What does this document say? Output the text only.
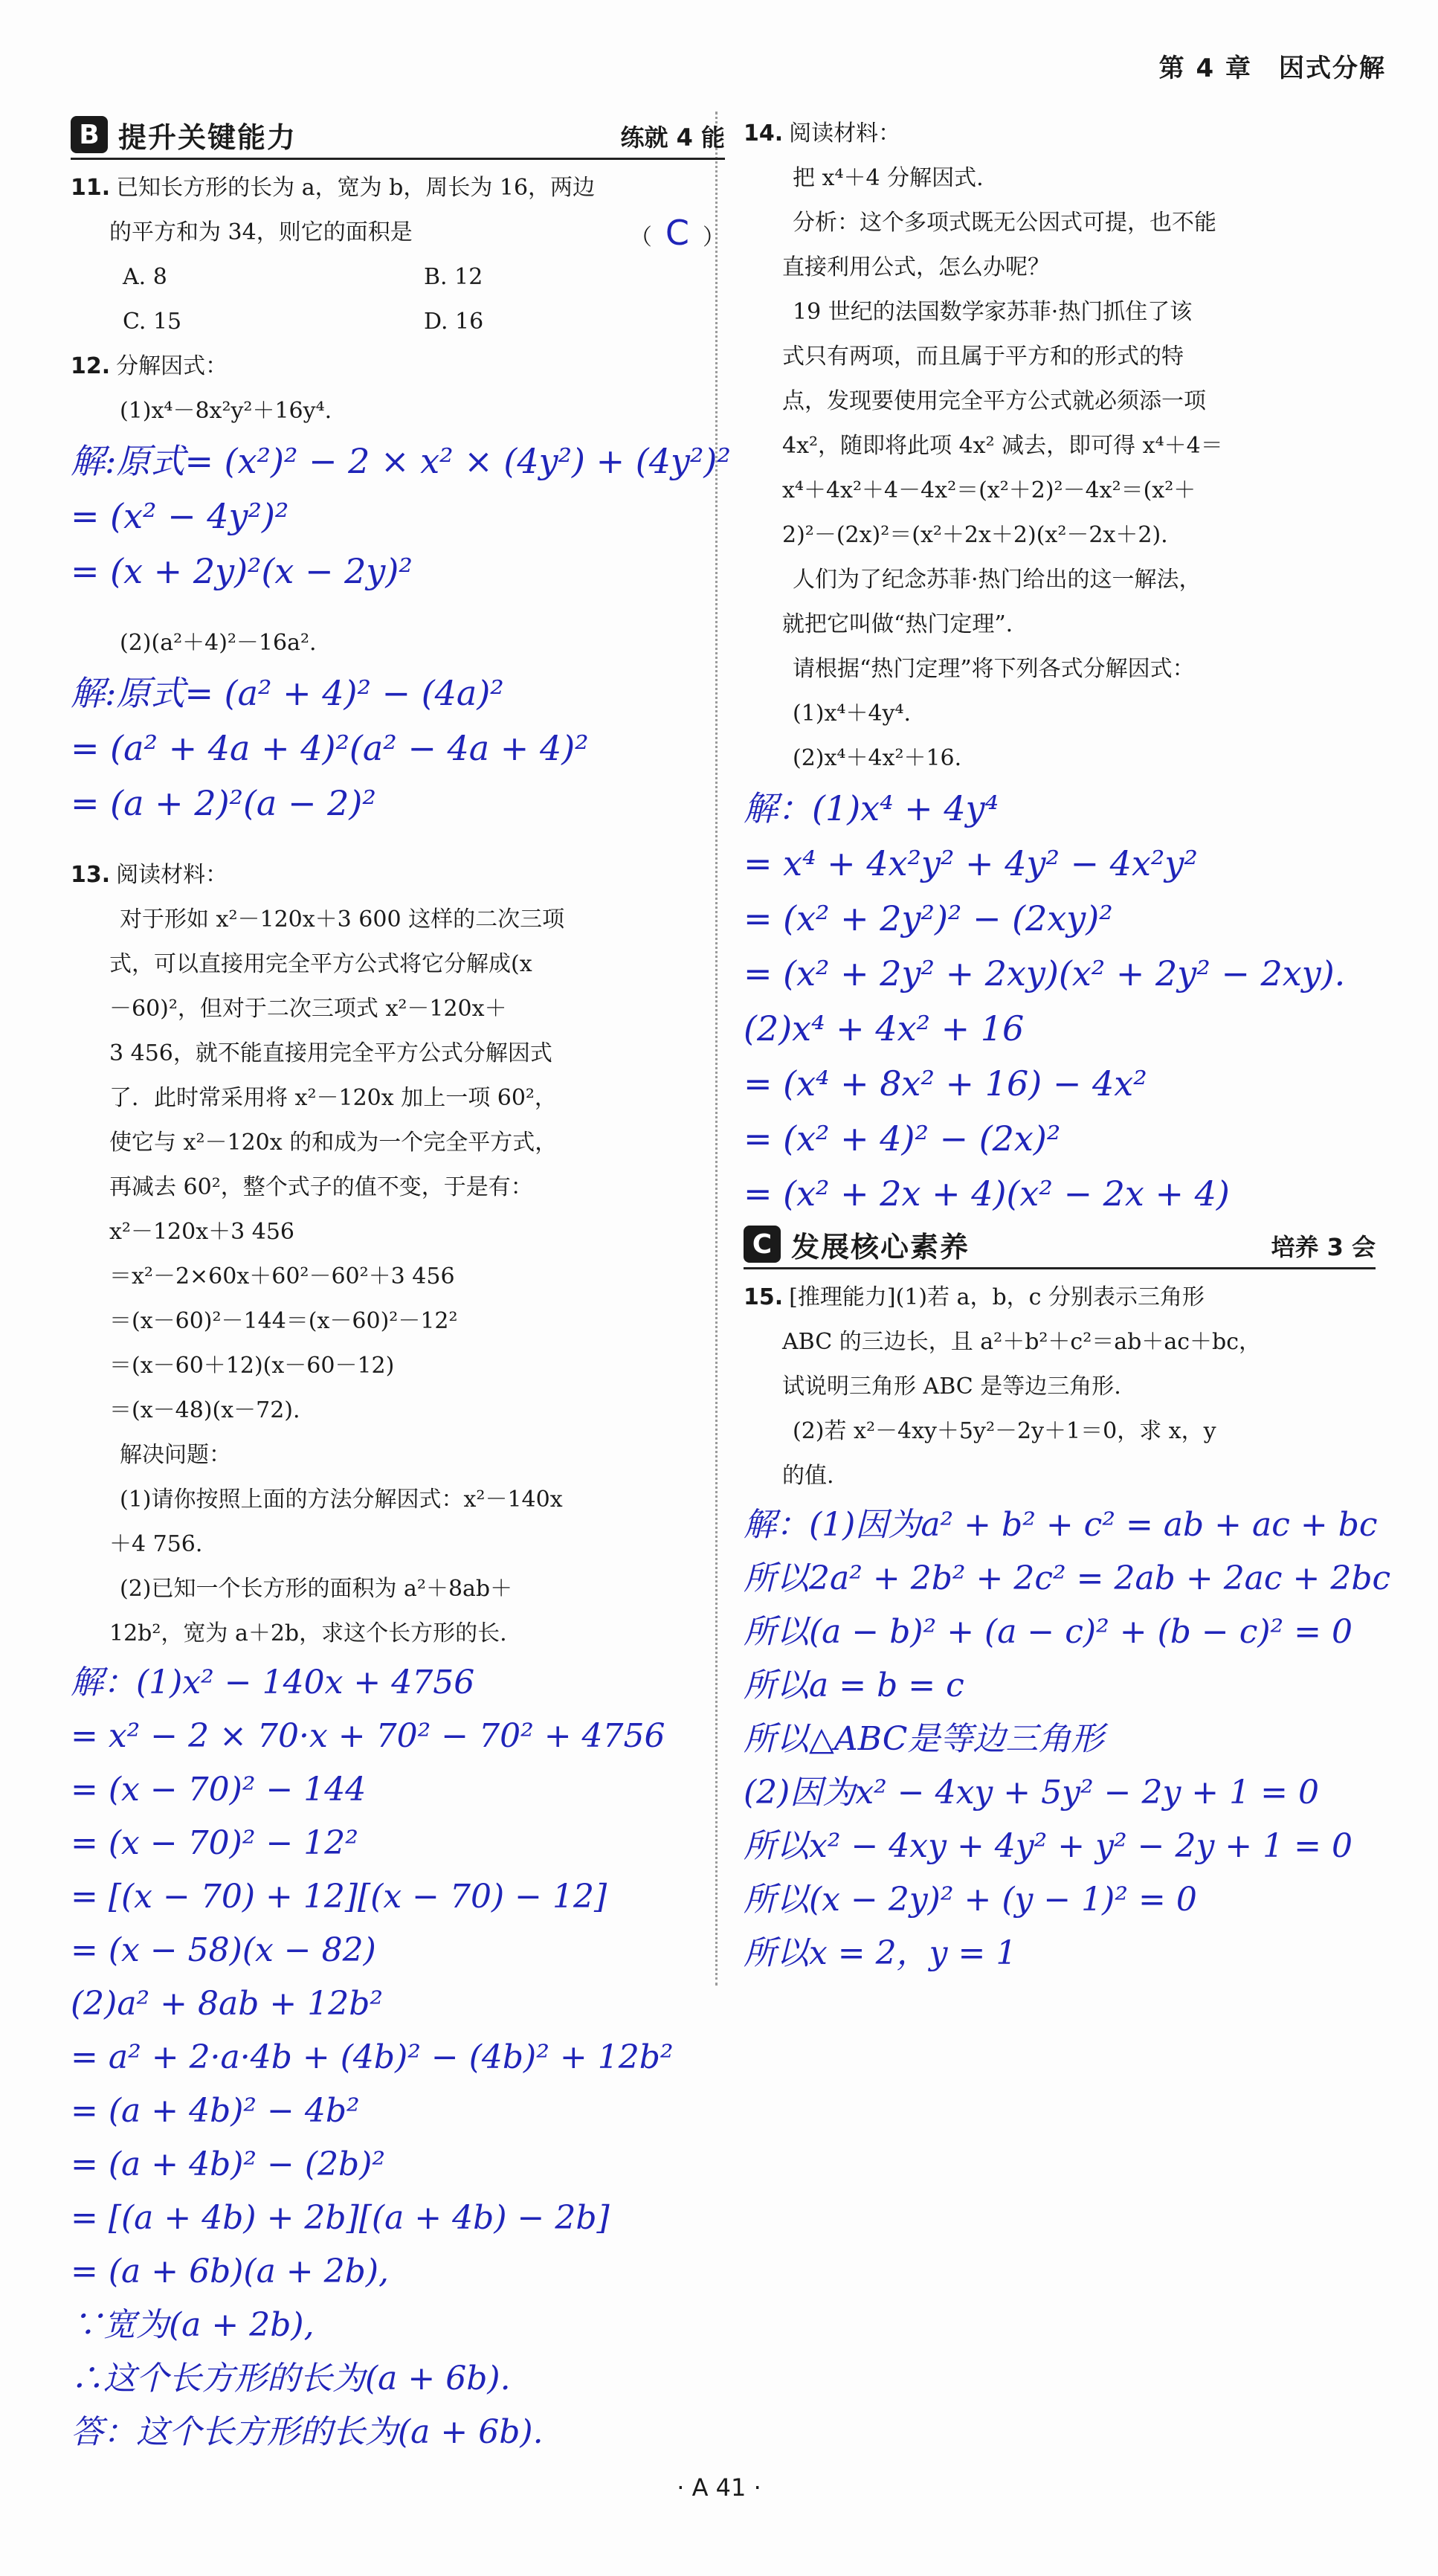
第 4 章　因式分解
B 提升关键能力	练就 4 能

11. 已知长方形的长为 a，宽为 b，周长为 16，两边

的平方和为 34，则它的面积是	（ C ）

A. 8	B. 12

C. 15	D. 16

12. 分解因式：

(1)x⁴－8x²y²＋16y⁴.

解:原式= (x²)² − 2 × x² × (4y²) + (4y²)²

= (x² − 4y²)²

= (x + 2y)²(x − 2y)²

(2)(a²＋4)²－16a².

解:原式= (a² + 4)² − (4a)²

= (a² + 4a + 4)²(a² − 4a + 4)²

= (a + 2)²(a − 2)²

13. 阅读材料：

对于形如 x²－120x＋3 600 这样的二次三项

式，可以直接用完全平方公式将它分解成(x

－60)²，但对于二次三项式 x²－120x＋

3 456，就不能直接用完全平方公式分解因式

了．此时常采用将 x²－120x 加上一项 60²，

使它与 x²－120x 的和成为一个完全平方式，

再减去 60²，整个式子的值不变，于是有：

x²－120x＋3 456

＝x²－2×60x＋60²－60²＋3 456

＝(x－60)²－144＝(x－60)²－12²

＝(x－60＋12)(x－60－12)

＝(x－48)(x－72).

解决问题：

(1)请你按照上面的方法分解因式：x²－140x

＋4 756.

(2)已知一个长方形的面积为 a²＋8ab＋

12b²，宽为 a＋2b，求这个长方形的长.

解：(1)x² − 140x + 4756

= x² − 2 × 70·x + 70² − 70² + 4756

= (x − 70)² − 144

= (x − 70)² − 12²

= [(x − 70) + 12][(x − 70) − 12]

= (x − 58)(x − 82)

(2)a² + 8ab + 12b²

= a² + 2·a·4b + (4b)² − (4b)² + 12b²

= (a + 4b)² − 4b²

= (a + 4b)² − (2b)²

= [(a + 4b) + 2b][(a + 4b) − 2b]

= (a + 6b)(a + 2b),

∵宽为(a + 2b),

∴这个长方形的长为(a + 6b).

答：这个长方形的长为(a + 6b).

14. 阅读材料：

把 x⁴＋4 分解因式.

分析：这个多项式既无公因式可提，也不能

直接利用公式，怎么办呢？

19 世纪的法国数学家苏菲·热门抓住了该

式只有两项，而且属于平方和的形式的特

点，发现要使用完全平方公式就必须添一项

4x²，随即将此项 4x² 减去，即可得 x⁴＋4＝

x⁴＋4x²＋4－4x²＝(x²＋2)²－4x²＝(x²＋

2)²－(2x)²＝(x²＋2x＋2)(x²－2x＋2).

人们为了纪念苏菲·热门给出的这一解法，

就把它叫做“热门定理”.

请根据“热门定理”将下列各式分解因式：

(1)x⁴＋4y⁴.

(2)x⁴＋4x²＋16.

解：(1)x⁴ + 4y⁴

= x⁴ + 4x²y² + 4y² − 4x²y²

= (x² + 2y²)² − (2xy)²

= (x² + 2y² + 2xy)(x² + 2y² − 2xy).

(2)x⁴ + 4x² + 16

= (x⁴ + 8x² + 16) − 4x²

= (x² + 4)² − (2x)²

= (x² + 2x + 4)(x² − 2x + 4)

C 发展核心素养	培养 3 会

15. [推理能力](1)若 a，b，c 分别表示三角形

ABC 的三边长，且 a²＋b²＋c²＝ab＋ac＋bc，

试说明三角形 ABC 是等边三角形.

(2)若 x²－4xy＋5y²－2y＋1＝0，求 x，y

的值.

解：(1)因为a² + b² + c² = ab + ac + bc

所以2a² + 2b² + 2c² = 2ab + 2ac + 2bc

所以(a − b)² + (a − c)² + (b − c)² = 0

所以a = b = c

所以△ABC是等边三角形

(2)因为x² − 4xy + 5y² − 2y + 1 = 0

所以x² − 4xy + 4y² + y² − 2y + 1 = 0

所以(x − 2y)² + (y − 1)² = 0

所以x = 2，y = 1

· A 41 ·
